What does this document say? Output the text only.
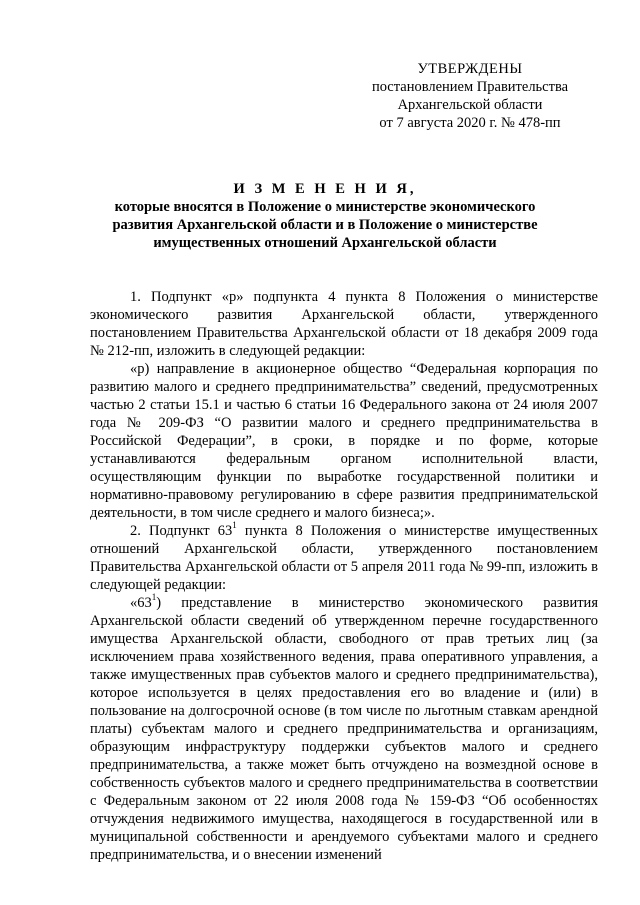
УТВЕРЖДЕНЫ
постановлением Правительства
Архангельской области
от 7 августа 2020 г. № 478-пп
И З М Е Н Е Н И Я,
которые вносятся в Положение о министерстве экономического развития Архангельской области и в Положение о министерстве имущественных отношений Архангельской области

1. Подпункт «р» подпункта 4 пункта 8 Положения о министерстве экономического развития Архангельской области, утвержденного постановлением Правительства Архангельской области от 18 декабря 2009 года № 212-пп, изложить в следующей редакции:

«р) направление в акционерное общество “Федеральная корпорация по развитию малого и среднего предпринимательства” сведений, предусмотренных частью 2 статьи 15.1 и частью 6 статьи 16 Федерального закона от 24 июля 2007 года № 209-ФЗ “О развитии малого и среднего предпринимательства в Российской Федерации”, в сроки, в порядке и по форме, которые устанавливаются федеральным органом исполнительной власти, осуществляющим функции по выработке государственной политики и нормативно-правовому регулированию в сфере развития предпринимательской деятельности, в том числе среднего и малого бизнеса;».

2. Подпункт $63^1$ пункта 8 Положения о министерстве имущественных отношений Архангельской области, утвержденного постановлением Правительства Архангельской области от 5 апреля 2011 года № 99-пп, изложить в следующей редакции:

«$63^1$) представление в министерство экономического развития Архангельской области сведений об утвержденном перечне государственного имущества Архангельской области, свободного от прав третьих лиц (за исключением права хозяйственного ведения, права оперативного управления, а также имущественных прав субъектов малого и среднего предпринимательства), которое используется в целях предоставления его во владение и (или) в пользование на долгосрочной основе (в том числе по льготным ставкам арендной платы) субъектам малого и среднего предпринимательства и организациям, образующим инфраструктуру поддержки субъектов малого и среднего предпринимательства, а также может быть отчуждено на возмездной основе в собственность субъектов малого и среднего предпринимательства в соответствии с Федеральным законом от 22 июля 2008 года № 159-ФЗ “Об особенностях отчуждения недвижимого имущества, находящегося в государственной или в муниципальной собственности и арендуемого субъектами малого и среднего предпринимательства, и о внесении изменений
